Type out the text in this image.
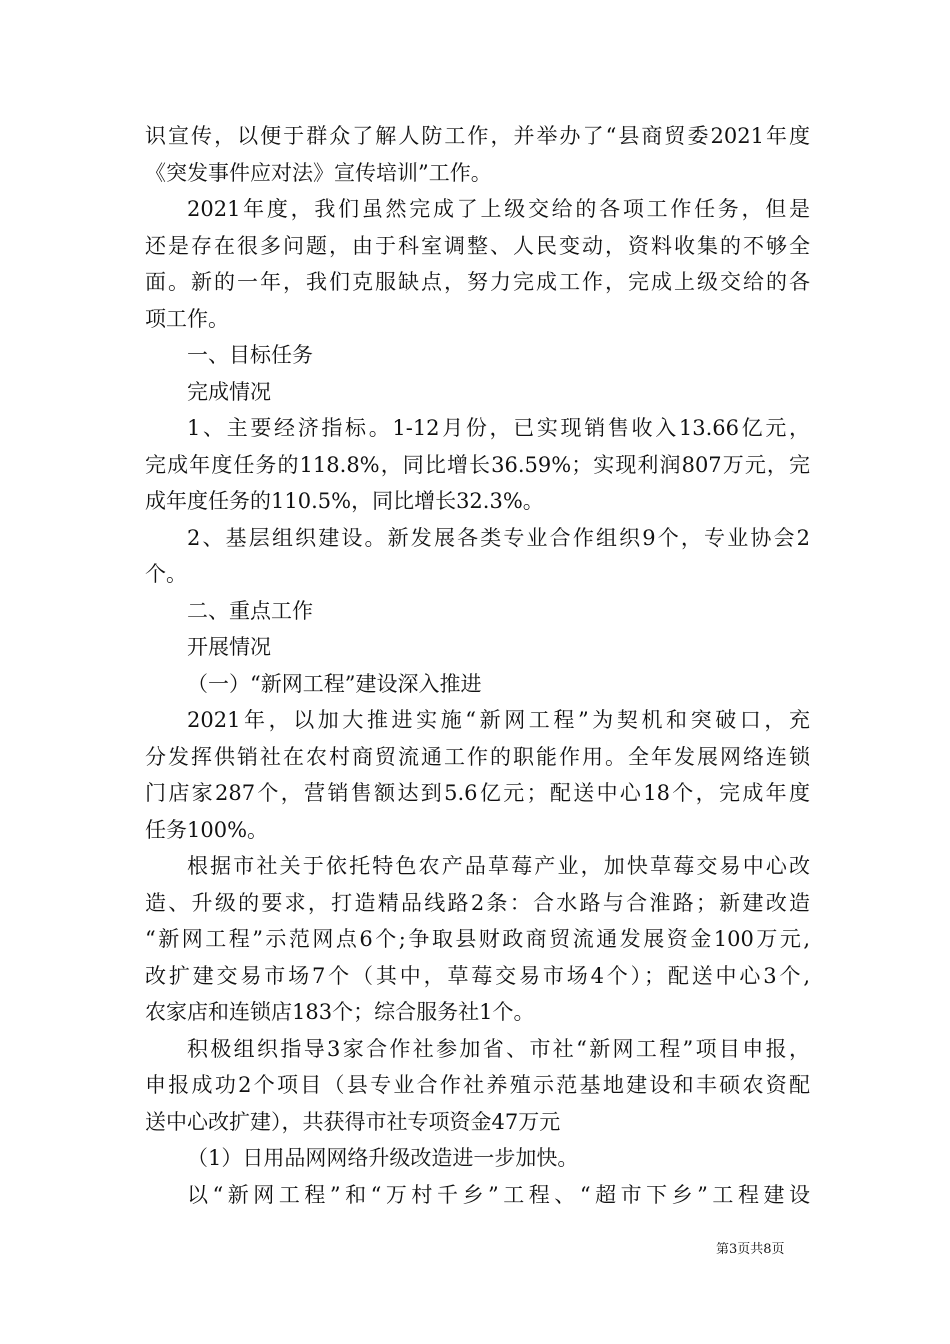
识宣传，以便于群众了解人防工作，并举办了“县商贸委2021年度
《突发事件应对法》宣传培训”工作。
2021年度，我们虽然完成了上级交给的各项工作任务，但是
还是存在很多问题，由于科室调整、人民变动，资料收集的不够全
面。新的一年，我们克服缺点，努力完成工作，完成上级交给的各
项工作。
一、目标任务
完成情况
1、主要经济指标。1-12月份，已实现销售收入13.66亿元，
完成年度任务的118.8%，同比增长36.59%；实现利润807万元，完
成年度任务的110.5%，同比增长32.3%。
2、基层组织建设。新发展各类专业合作组织9个，专业协会2
个。
二、重点工作
开展情况
（一）“新网工程”建设深入推进
2021年，以加大推进实施“新网工程”为契机和突破口，充
分发挥供销社在农村商贸流通工作的职能作用。全年发展网络连锁
门店家287个，营销售额达到5.6亿元；配送中心18个，完成年度
任务100%。
根据市社关于依托特色农产品草莓产业，加快草莓交易中心改
造、升级的要求，打造精品线路2条：合水路与合淮路；新建改造
“新网工程”示范网点6个;争取县财政商贸流通发展资金100万元,
改扩建交易市场7个（其中，草莓交易市场4个）；配送中心3个,
农家店和连锁店183个；综合服务社1个。
积极组织指导3家合作社参加省、市社“新网工程”项目申报，
申报成功2个项目（县专业合作社养殖示范基地建设和丰硕农资配
送中心改扩建），共获得市社专项资金47万元
（1）日用品网网络升级改造进一步加快。
以“新网工程”和“万村千乡”工程、“超市下乡”工程建设
第3页共8页
